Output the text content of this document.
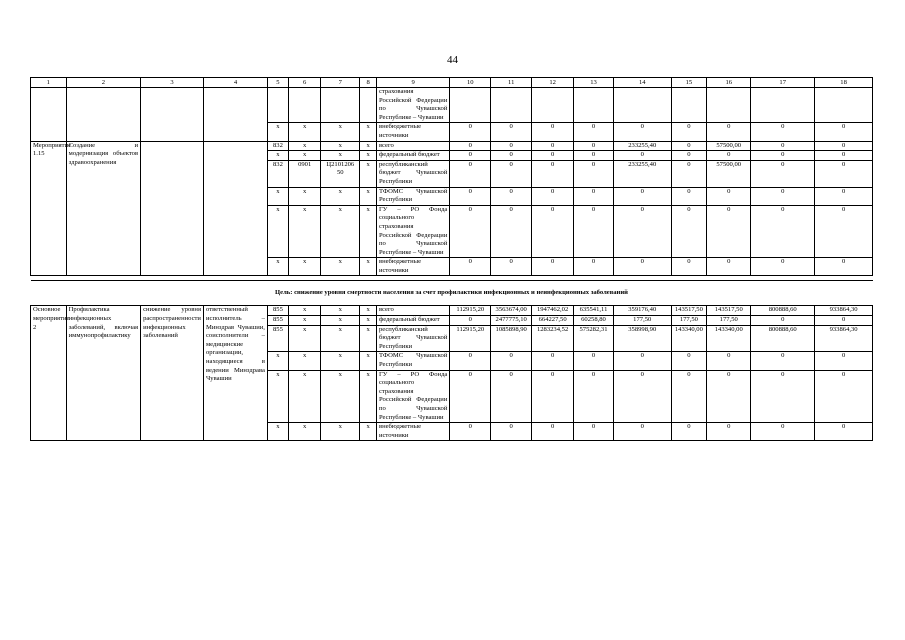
44
1	2	3	4	5	6	7	8	9	10	11	12	13	14	15	16	17	18
								страхования Российской Федерации по Чувашской Республике – Чувашии									
				x	x	x	x	внебюджетные источники	0	0	0	0	0	0	0	0	0
Мероприятие 1.15	Создание и модернизация объектов здравоохранения			832	x	x	x	всего	0	0	0	0	233255,40	0	57500,00	0	0
				x	x	x	x	федеральный бюджет	0	0	0	0	0	0	0	0	0
				832	0901	Ц2101206 50	x	республиканский бюджет Чувашской Республики	0	0	0	0	233255,40	0	57500,00	0	0
				x	x	x	x	ТФОМС Чувашской Республики	0	0	0	0	0	0	0	0	0
				x	x	x	x	ГУ – РО Фонда социального страхования Российской Федерации по Чувашской Республике – Чувашии	0	0	0	0	0	0	0	0	0
				x	x	x	x	внебюджетные источники	0	0	0	0	0	0	0	0	0

Цель: снижение уровня смертности населения за счет профилактики инфекционных и неинфекционных заболеваний																	
Основное мероприятие 2	Профилактика инфекционных заболеваний, включая иммунопрофилактику	снижение уровня распространенности инфекционных заболеваний	ответственный исполнитель – Минздрав Чувашии, соисполнители – медицинские организации, находящиеся в ведении Минздрава Чувашии	855	x	x	x	всего	112915,20	3563674,00	1947462,02	635541,11	359176,40	143517,50	143517,50	800888,60	933864,30
				855	x	x	x	федеральный бюджет	0	2477775,10	664227,50	60258,80	177,50	177,50	177,50	0	0
				855	x	x	x	республиканский бюджет Чувашской Республики	112915,20	1085898,90	1283234,52	575282,31	358998,90	143340,00	143340,00	800888,60	933864,30
				x	x	x	x	ТФОМС Чувашской Республики	0	0	0	0	0	0	0	0	0
				x	x	x	x	ГУ – РО Фонда социального страхования Российской Федерации по Чувашской Республике – Чувашии	0	0	0	0	0	0	0	0	0
				x	x	x	x	внебюджетные источники	0	0	0	0	0	0	0	0	0
